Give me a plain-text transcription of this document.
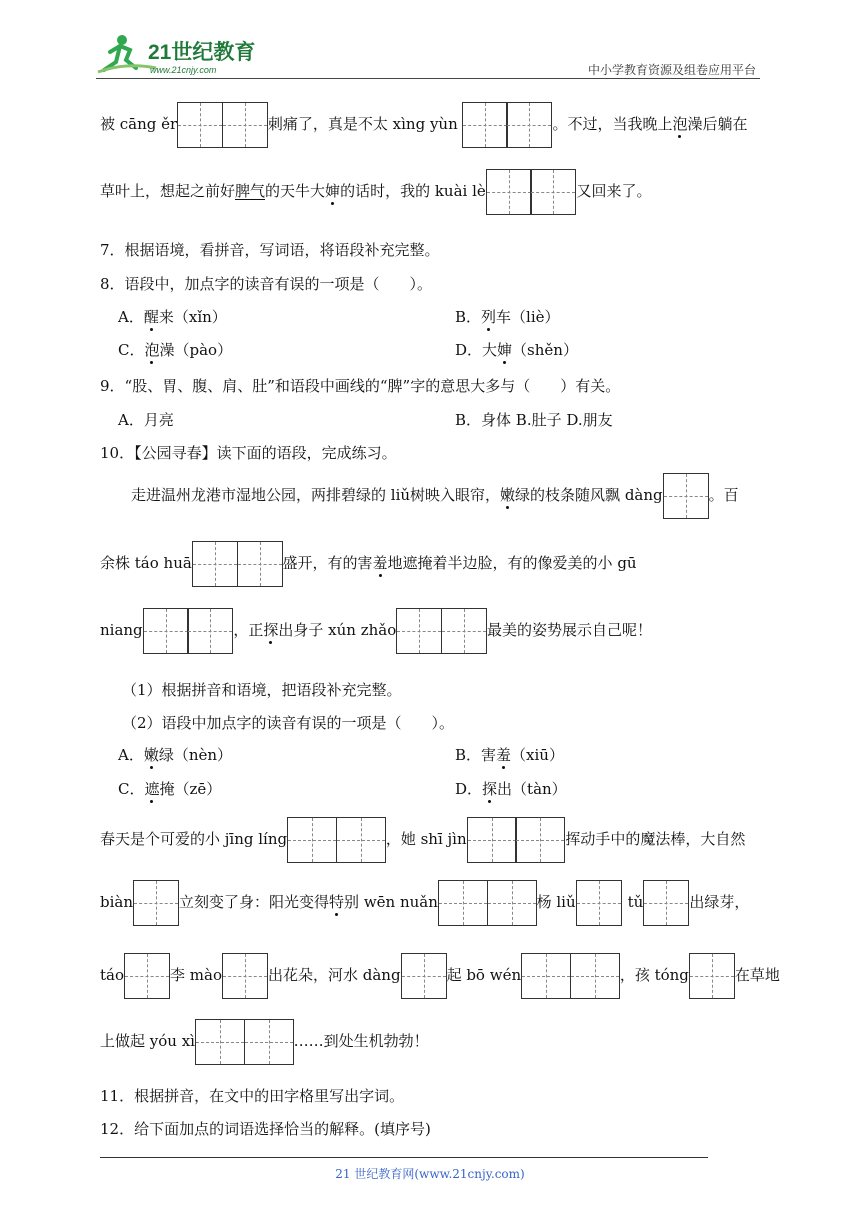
21世纪教育
www.21cnjy.com	中小学教育资源及组卷应用平台
被 cāng ěr	刺痛了，真是不太 xìng yùn	。不过，当我晚上泡澡后躺在
草叶上，想起之前好脾气的天牛大婶的话时，我的 kuài lè	又回来了。
7．根据语境，看拼音，写词语，将语段补充完整。
8．语段中，加点字的读音有误的一项是（　　）。
A．醒来（xǐn）	B．列车（liè）
C．泡澡（pào）	D．大婶（shěn）
9．“股、胃、腹、肩、肚”和语段中画线的“脾”字的意思大多与（　　）有关。
A．月亮	B．身体 B.肚子 D.朋友
10．【公园寻春】读下面的语段，完成练习。
走进温州龙港市湿地公园，两排碧绿的 liǔ树映入眼帘，嫩绿的枝条随风飘 dàng	。百
余株 táo huā	盛开，有的害羞地遮掩着半边脸，有的像爱美的小 gū
niang	，正探出身子 xún zhǎo	最美的姿势展示自己呢！
（1）根据拼音和语境，把语段补充完整。
（2）语段中加点字的读音有误的一项是（　　）。
A．嫩绿（nèn）	B．害羞（xiū）
C．遮掩（zē）	D．探出（tàn）
春天是个可爱的小 jīng líng	，她 shī jìn	挥动手中的魔法棒，大自然
biàn	立刻变了身：阳光变得特别 wēn nuǎn	杨 liǔ	tǔ	出绿芽，
táo	李 mào	出花朵，河水 dàng	起 bō wén	，孩 tóng	在草地
上做起 yóu xì	……到处生机勃勃！
11．根据拼音，在文中的田字格里写出字词。
12．给下面加点的词语选择恰当的解释。(填序号)
21 世纪教育网(www.21cnjy.com)
